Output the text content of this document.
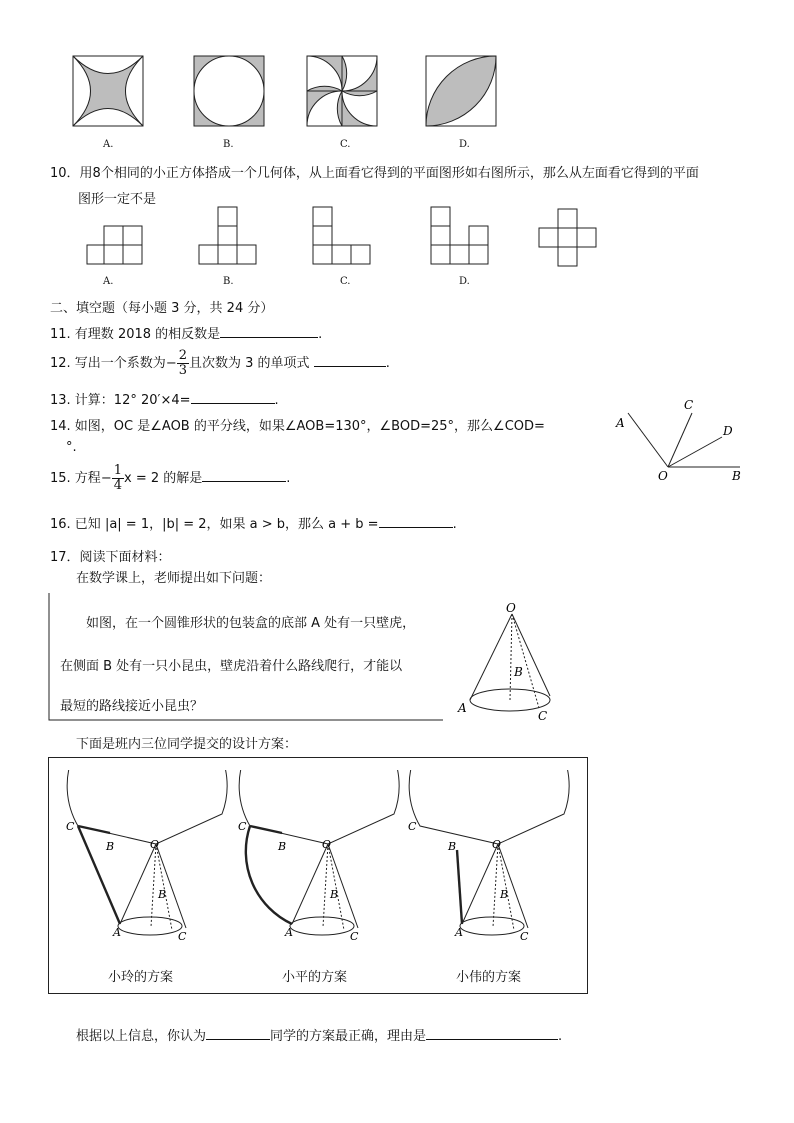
A.	B.	C.	D.
10．用8个相同的小正方体搭成一个几何体，从上面看它得到的平面图形如右图所示，那么从左面看它得到的平面
图形一定不是
A.	B.	C.	D.
二、填空题（每小题 3 分，共 24 分）
11. 有理数 2018 的相反数是	.
12. 写出一个系数为− $\frac{2}{3}$ 且次数为 3 的单项式	.
13. 计算：12° 20′×4=	.
14. 如图，OC 是∠AOB 的平分线，如果∠AOB=130°，∠BOD=25°，那么∠COD=
°.
A
C
D
O	B
15. 方程− $\frac{1}{4}$ x = 2 的解是	.
16. 已知 |a| = 1，|b| = 2，如果 a > b，那么 a + b =	.
17．阅读下面材料：
在数学课上，老师提出如下问题：
如图，在一个圆锥形状的包装盒的底部 A 处有一只壁虎，
在侧面 B 处有一只小昆虫，壁虎沿着什么路线爬行，才能以
最短的路线接近小昆虫？
O
B
A
C
下面是班内三位同学提交的设计方案：
C
B	O
B
A	C
小玲的方案
C
B	O
B
A	C
小平的方案
C
B	O
B
A	C
小伟的方案
根据以上信息，你认为	同学的方案最正确，理由是	.
